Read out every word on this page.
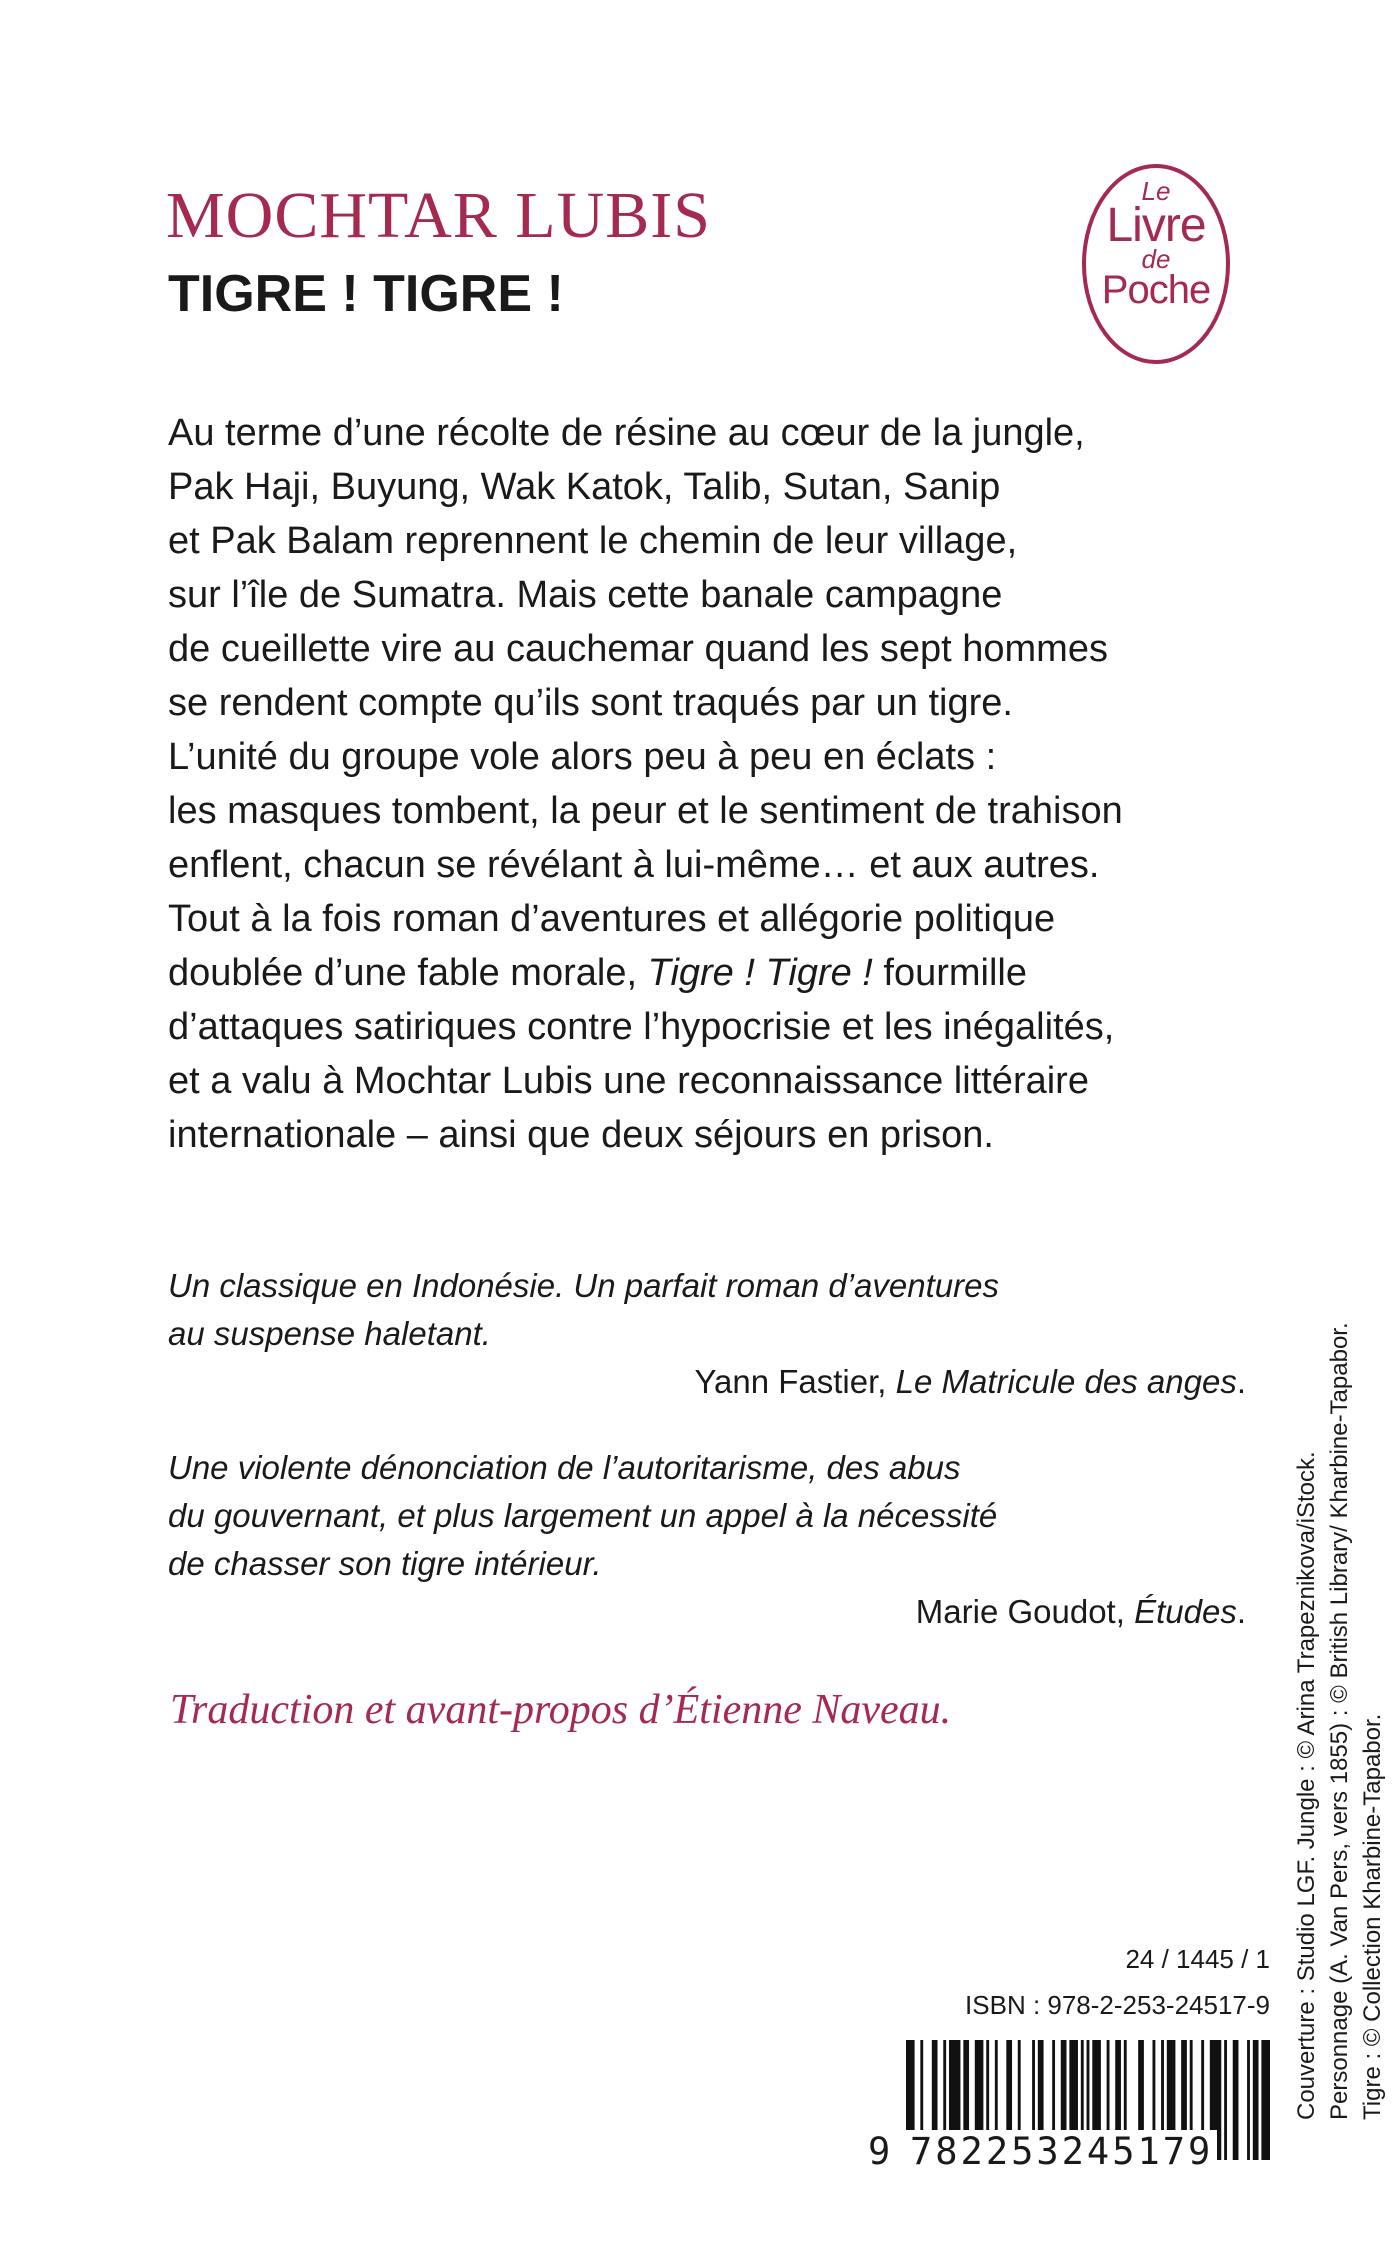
MOCHTAR LUBIS
TIGRE ! TIGRE !
Le
Livre
de
Poche

Au terme d’une récolte de résine au cœur de la jungle,
Pak Haji, Buyung, Wak Katok, Talib, Sutan, Sanip
et Pak Balam reprennent le chemin de leur village,
sur l’île de Sumatra. Mais cette banale campagne
de cueillette vire au cauchemar quand les sept hommes
se rendent compte qu’ils sont traqués par un tigre.
L’unité du groupe vole alors peu à peu en éclats :
les masques tombent, la peur et le sentiment de trahison
enflent, chacun se révélant à lui-même… et aux autres.
Tout à la fois roman d’aventures et allégorie politique
doublée d’une fable morale, Tigre ! Tigre ! fourmille
d’attaques satiriques contre l’hypocrisie et les inégalités,
et a valu à Mochtar Lubis une reconnaissance littéraire
internationale – ainsi que deux séjours en prison.

Un classique en Indonésie. Un parfait roman d’aventures
au suspense haletant.
Yann Fastier, Le Matricule des anges.
Une violente dénonciation de l’autoritarisme, des abus
du gouvernant, et plus largement un appel à la nécessité
de chasser son tigre intérieur.
Marie Goudot, Études.

Traduction et avant-propos d’Étienne Naveau.	Couverture : Studio LGF. Jungle : © Arina Trapeznikova/iStock. Personnage (A. Van Pers, vers 1855) : © British Library/ Kharbine-Tapabor. Tigre : © Collection Kharbine-Tapabor.
24 / 1445 / 1
ISBN : 978-2-253-24517-9
9 782253245179
